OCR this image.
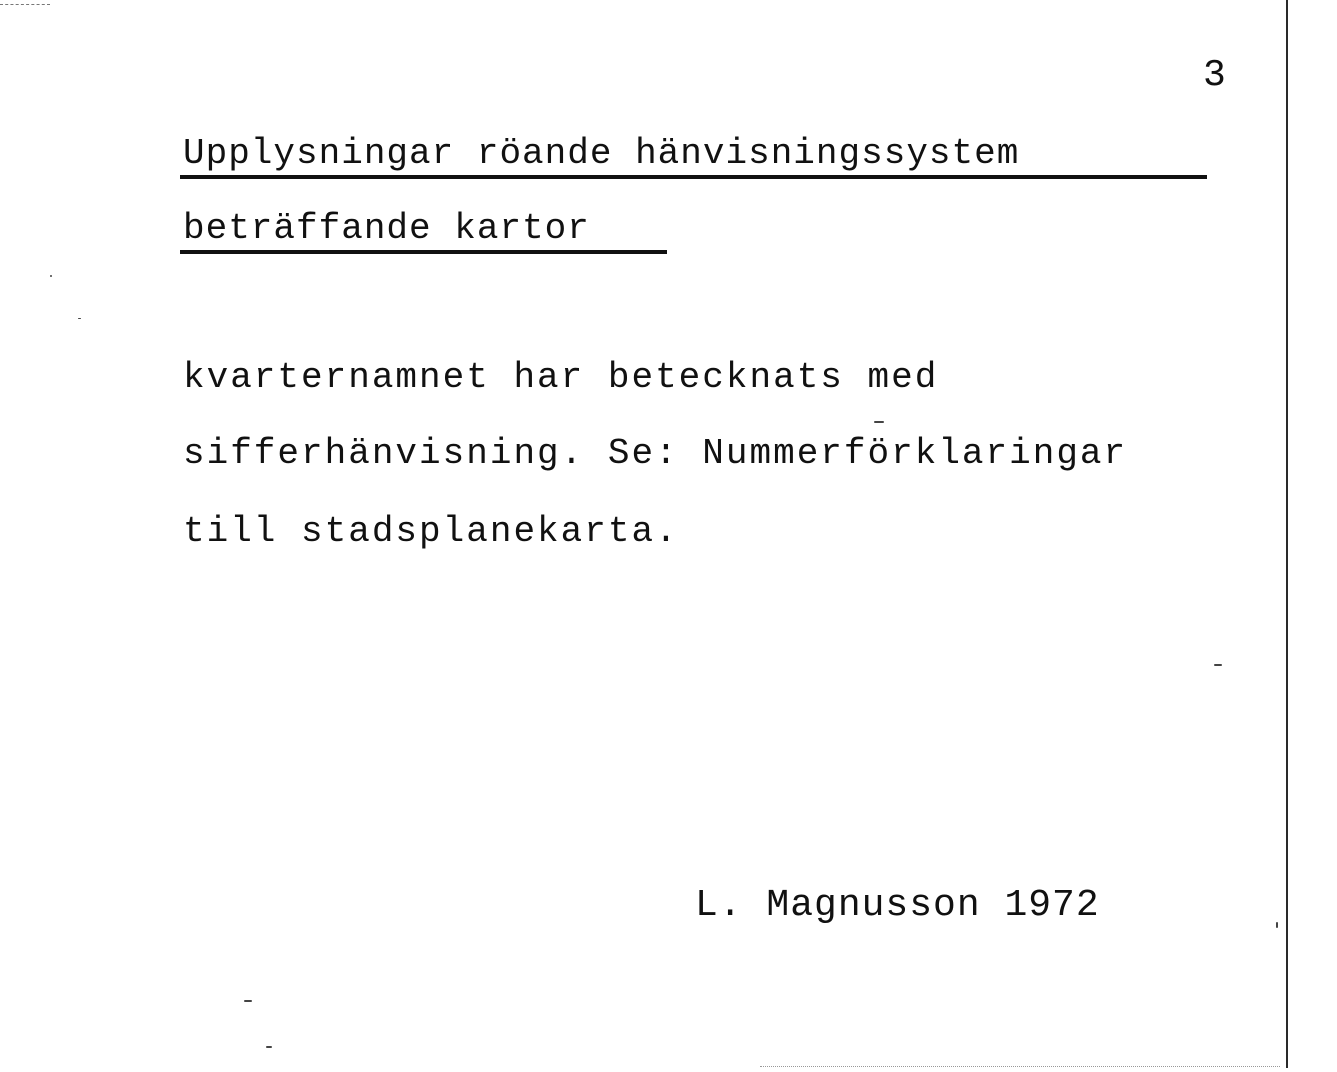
3
Upplysningar röande hänvisningssystem
beträffande kartor
kvarternamnet har betecknats med
sifferhänvisning. Se: Nummerförklaringar
till stadsplanekarta.
L. Magnusson 1972
